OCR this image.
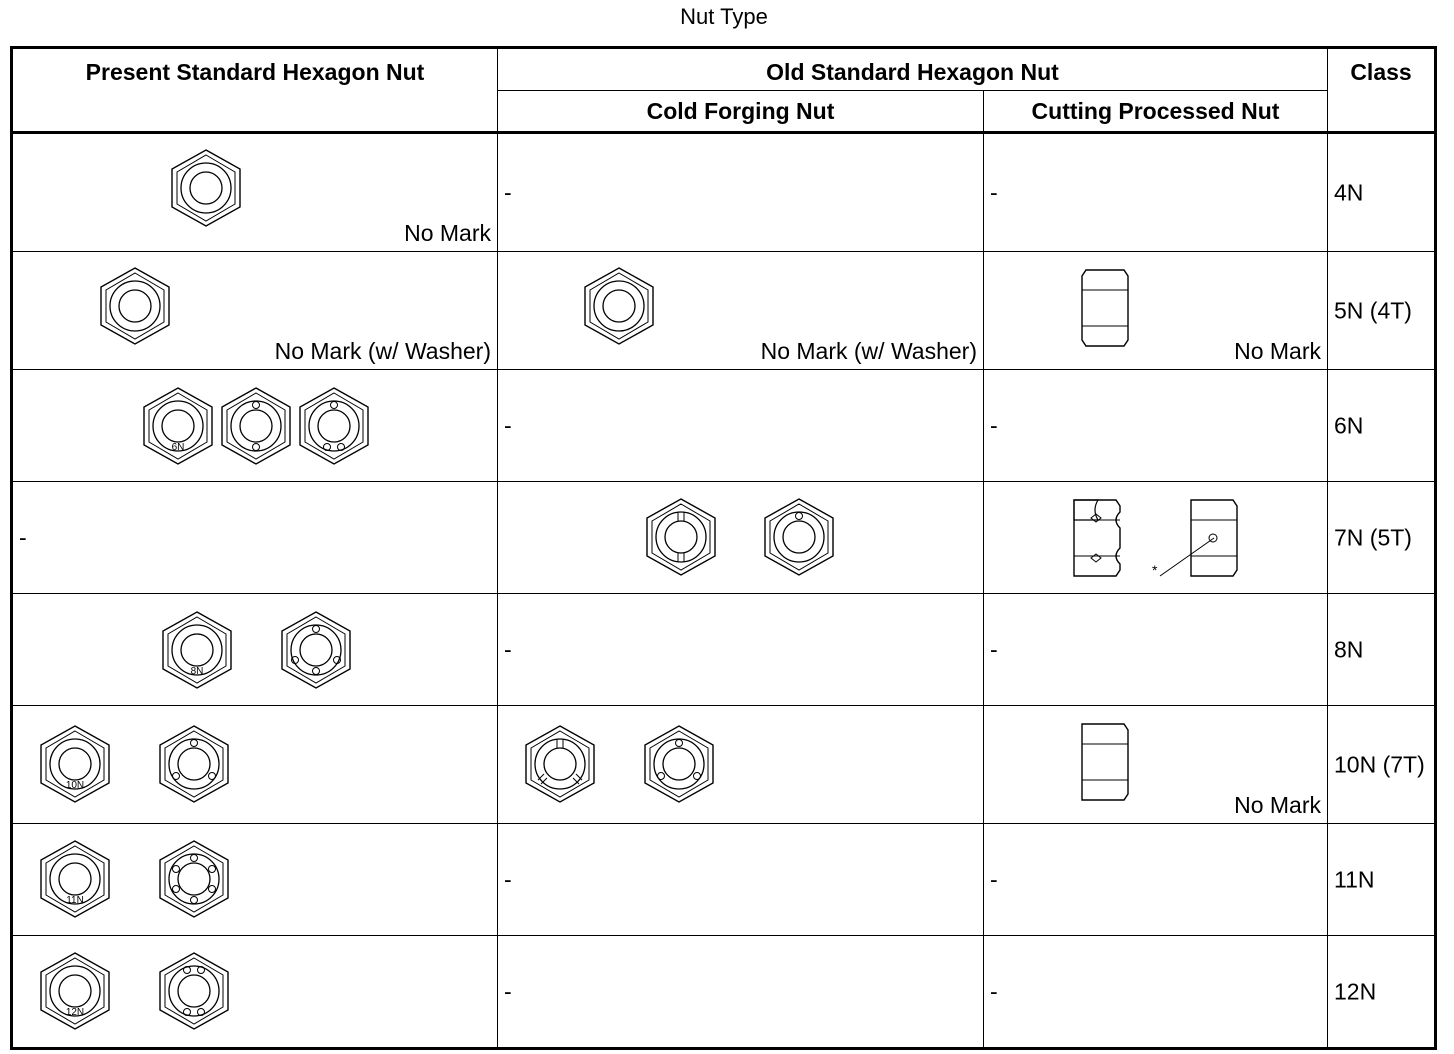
Nut Type
Present Standard Hexagon Nut	Old Standard Hexagon Nut		Class
	Cold Forging Nut	Cutting Processed Nut	

No Mark	-	-	4N

No Mark (w/ Washer)	No Mark (w/ Washer)	No Mark	5N (4T)

6N	-	-	6N

-		*	7N (5T)

8N	-	-	8N

10N		No Mark	10N (7T)

11N	-	-	11N

12N	-	-	12N
